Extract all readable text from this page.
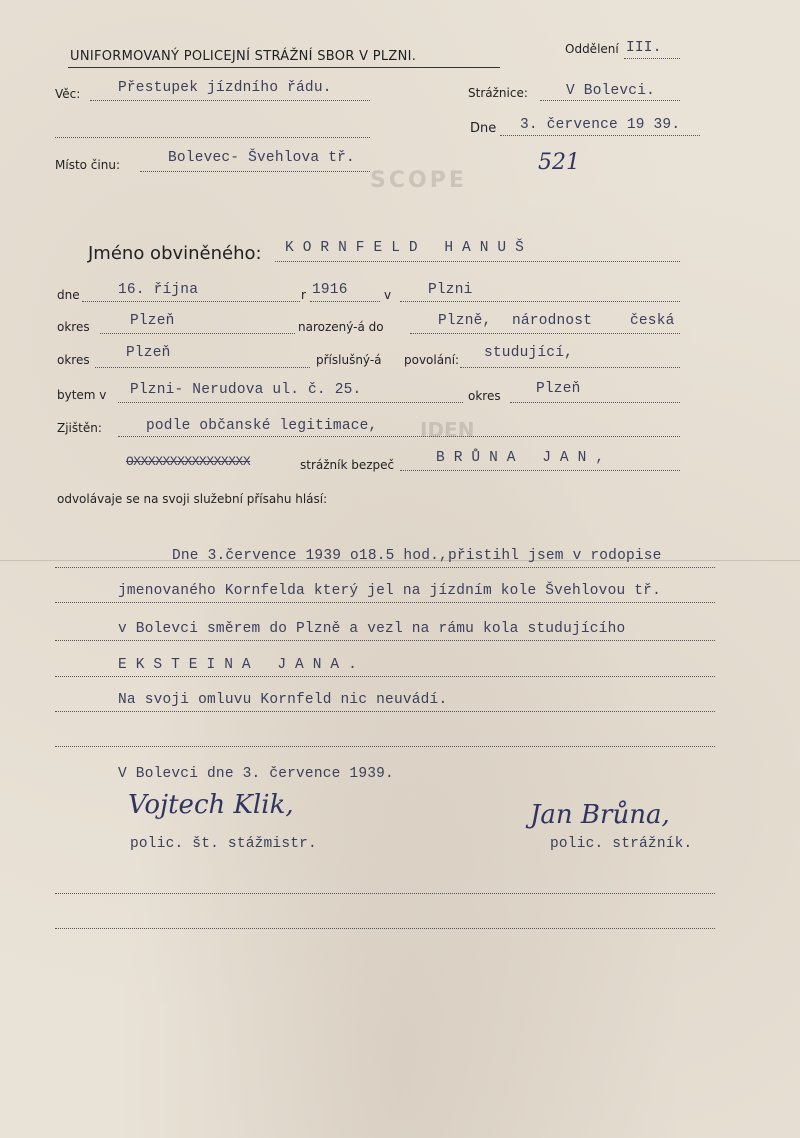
UNIFORMOVANÝ POLICEJNÍ STRÁŽNÍ SBOR V PLZNI.	Oddělení III.
Věc:	Přestupek jízdního řádu.	Strážnice:	V Bolevci.
Dne 3. července 19 39.
Místo činu:	Bolevec- Švehlova tř.
ЅСОРЕ
521
Jméno obviněného: KORNFELD HANUŠ
dne	16. října	r 1916	v	Plzni
okres	Plzeň	narozený-á do	Plzně, národnost	česká
okres	Plzeň	příslušný-á povolání: studující,
bytem v Plzni- Nerudova ul. č. 25.	okres Plzeň
Zjištěn:	podle občanské legitimace, IDEN
OXXXXXXXXXXXXXXXX	strážník bezpeč	BRŮNA JAN,
odvolávaje se na svoji služební přísahu hlásí:
Dne 3.července 1939 o18.5 hod.,přistihl jsem v rodopise
jmenovaného Kornfelda který jel na jízdním kole Švehlovou tř.
v Bolevci směrem do Plzně a vezl na rámu kola studujícího
EKSTEINA JANA.
Na svoji omluvu Kornfeld nic neuvádí.
V Bolevci dne 3. července 1939.
Vojtech Klik,
polic. št. stážmistr.
Jan Brůna,
polic. strážník.
